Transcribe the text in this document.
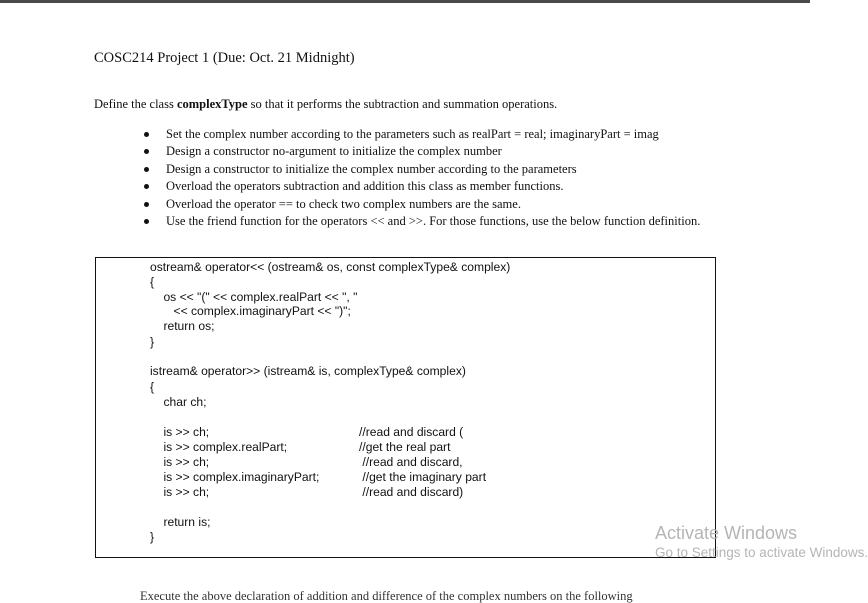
COSC214 Project 1 (Due: Oct. 21 Midnight)
Define the class complexType so that it performs the subtraction and summation operations.
Set the complex number according to the parameters such as realPart = real; imaginaryPart = imag
Design a constructor no-argument to initialize the complex number
Design a constructor to initialize the complex number according to the parameters
Overload the operators subtraction and addition this class as member functions.
Overload the operator == to check two complex numbers are the same.
Use the friend function for the operators << and >>. For those functions, use the below function definition.

ostream& operator<< (ostream& os, const complexType& complex)

{

os << "(" << complex.realPart << ", "

<< complex.imaginaryPart << ")";

return os;

}

istream& operator>> (istream& is, complexType& complex)

{

char ch;

is >> ch;

is >> complex.realPart;

is >> ch;

is >> complex.imaginaryPart;

is >> ch;

return is;

}

//read and discard (

//get the real part

//read and discard,

//get the imaginary part

//read and discard)

Activate Windows
Go to Settings to activate Windows.
Execute the above declaration of addition and difference of the complex numbers on the following
